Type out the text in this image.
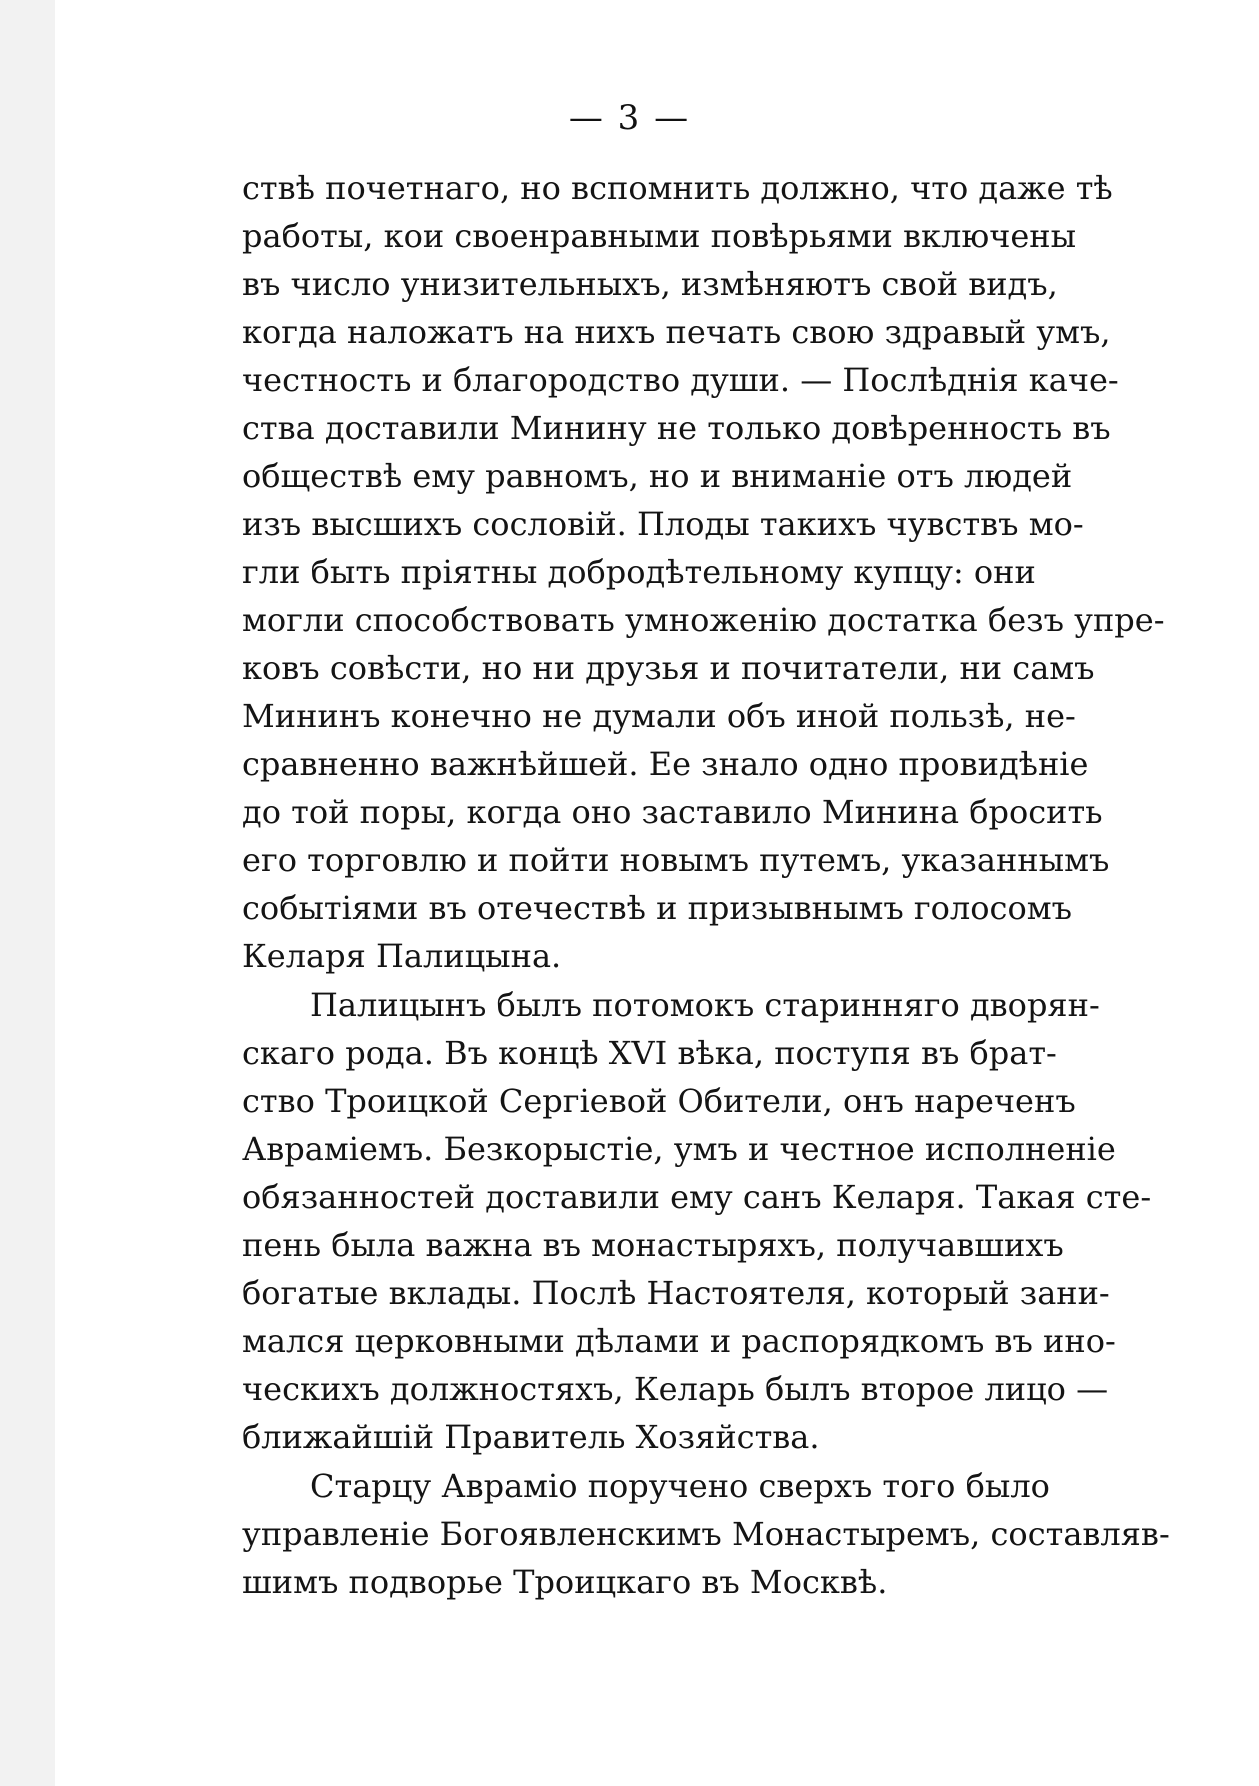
— 3 —
ствѣ почетнаго, но вспомнить должно, что даже тѣ
работы, кои своенравными повѣрьями включены
въ число унизительныхъ, измѣняютъ свой видъ,
когда наложатъ на нихъ печать свою здравый умъ,
честность и благородство души. — Послѣднія каче-
ства доставили Минину не только довѣренность въ
обществѣ ему равномъ, но и вниманіе отъ людей
изъ высшихъ сословій. Плоды такихъ чувствъ мо-
гли быть пріятны добродѣтельному купцу: они
могли способствовать умноженію достатка безъ упре-
ковъ совѣсти, но ни друзья и почитатели, ни самъ
Мининъ конечно не думали объ иной пользѣ, не-
сравненно важнѣйшей. Ее знало одно провидѣніе
до той поры, когда оно заставило Минина бросить
его торговлю и пойти новымъ путемъ, указаннымъ
событіями въ отечествѣ и призывнымъ голосомъ
Келаря Палицына.
Палицынъ былъ потомокъ старинняго дворян-
скаго рода. Въ концѣ XVI вѣка, поступя въ брат-
ство Троицкой Сергіевой Обители, онъ нареченъ
Авраміемъ. Безкорыстіе, умъ и честное исполненіе
обязанностей доставили ему санъ Келаря. Такая сте-
пень была важна въ монастыряхъ, получавшихъ
богатые вклады. Послѣ Настоятеля, который зани-
мался церковными дѣлами и распорядкомъ въ ино-
ческихъ должностяхъ, Келарь былъ второе лицо —
ближайшій Правитель Хозяйства.
Старцу Авраміо поручено сверхъ того было
управленіе Богоявленскимъ Монастыремъ, составляв-
шимъ подворье Троицкаго въ Москвѣ.
